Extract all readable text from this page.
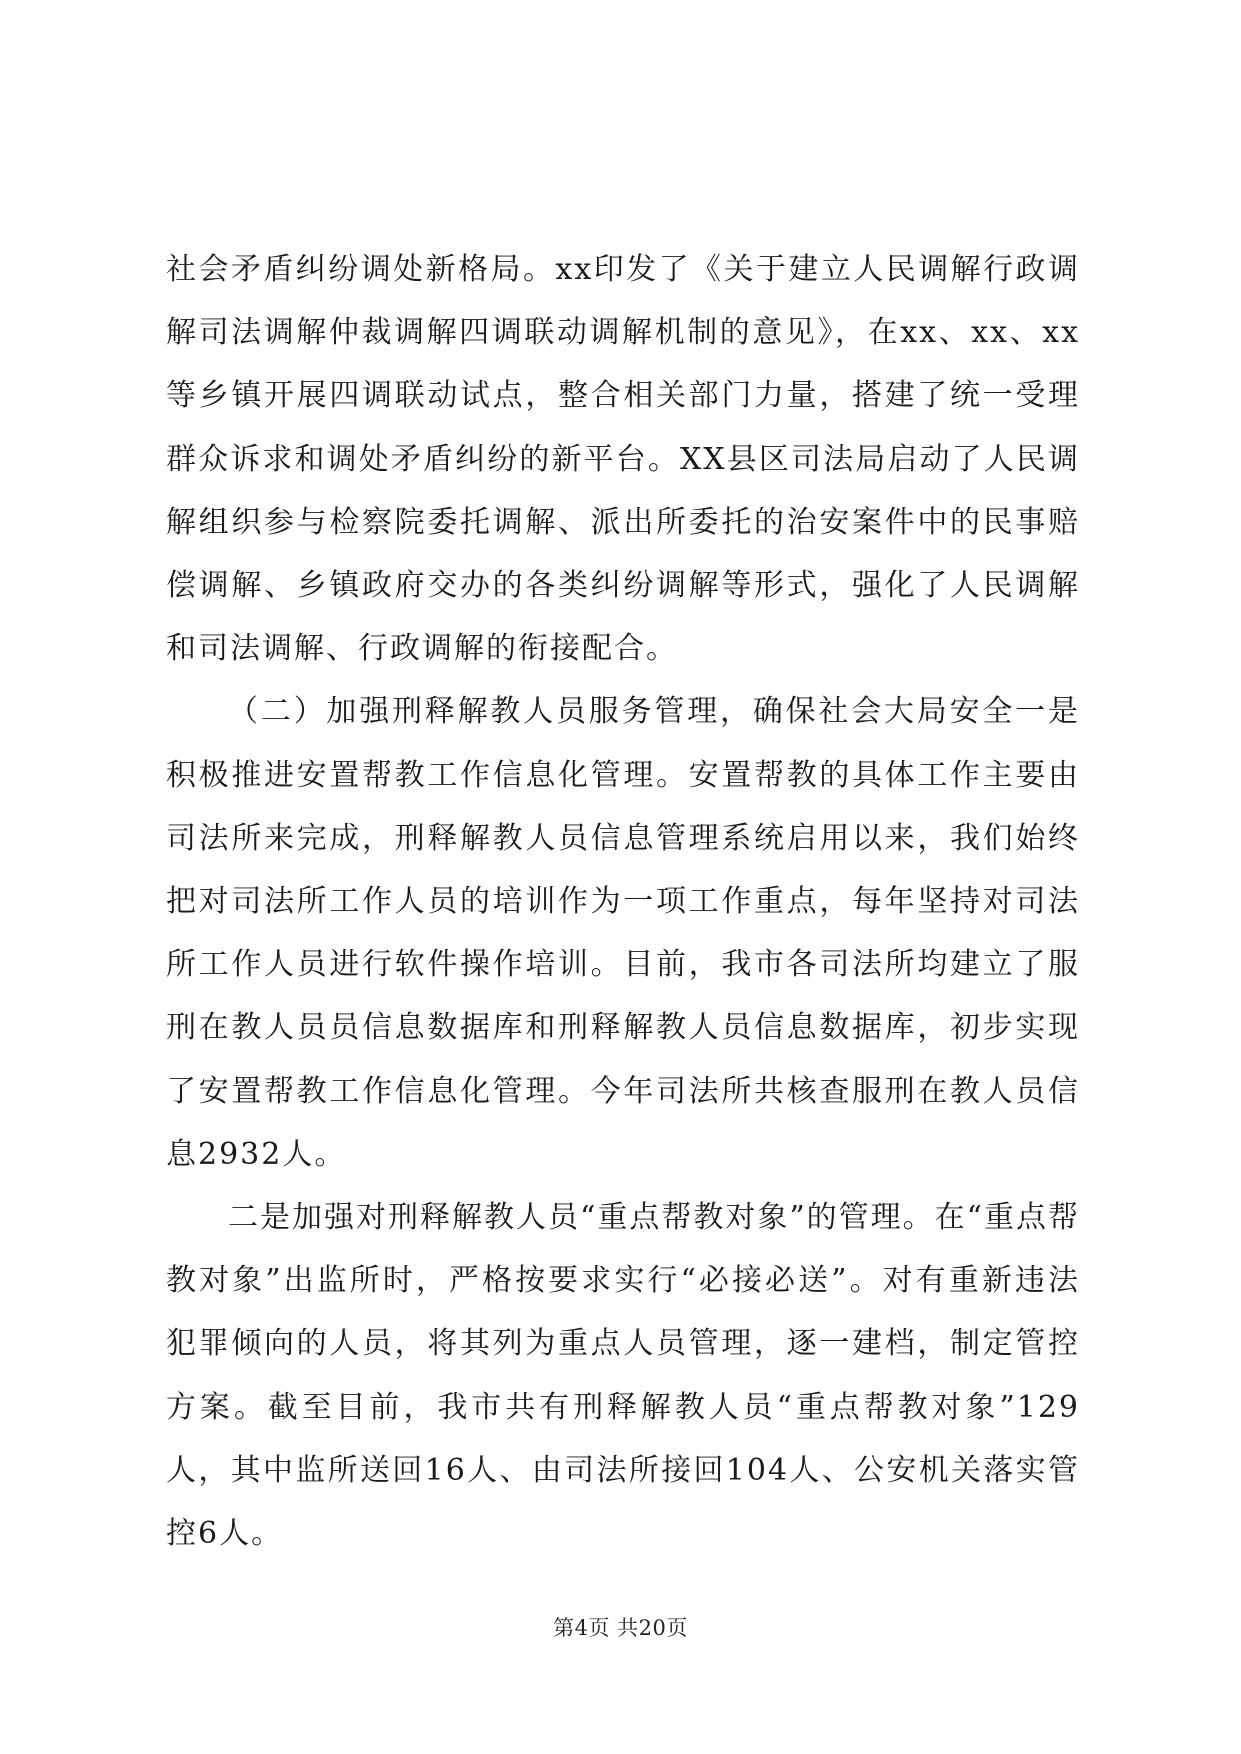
社会矛盾纠纷调处新格局。xx印发了《关于建立人民调解行政调解司法调解仲裁调解四调联动调解机制的意见》，在xx、xx、xx等乡镇开展四调联动试点，整合相关部门力量，搭建了统一受理群众诉求和调处矛盾纠纷的新平台。XX县区司法局启动了人民调解组织参与检察院委托调解、派出所委托的治安案件中的民事赔偿调解、乡镇政府交办的各类纠纷调解等形式，强化了人民调解和司法调解、行政调解的衔接配合。

（二）加强刑释解教人员服务管理，确保社会大局安全一是积极推进安置帮教工作信息化管理。安置帮教的具体工作主要由司法所来完成，刑释解教人员信息管理系统启用以来，我们始终把对司法所工作人员的培训作为一项工作重点，每年坚持对司法所工作人员进行软件操作培训。目前，我市各司法所均建立了服刑在教人员员信息数据库和刑释解教人员信息数据库，初步实现了安置帮教工作信息化管理。今年司法所共核查服刑在教人员信息2932人。

二是加强对刑释解教人员“重点帮教对象”的管理。在“重点帮教对象”出监所时，严格按要求实行“必接必送”。对有重新违法犯罪倾向的人员，将其列为重点人员管理，逐一建档，制定管控方案。截至目前，我市共有刑释解教人员“重点帮教对象”129人，其中监所送回16人、由司法所接回104人、公安机关落实管控6人。

第4页 共20页
